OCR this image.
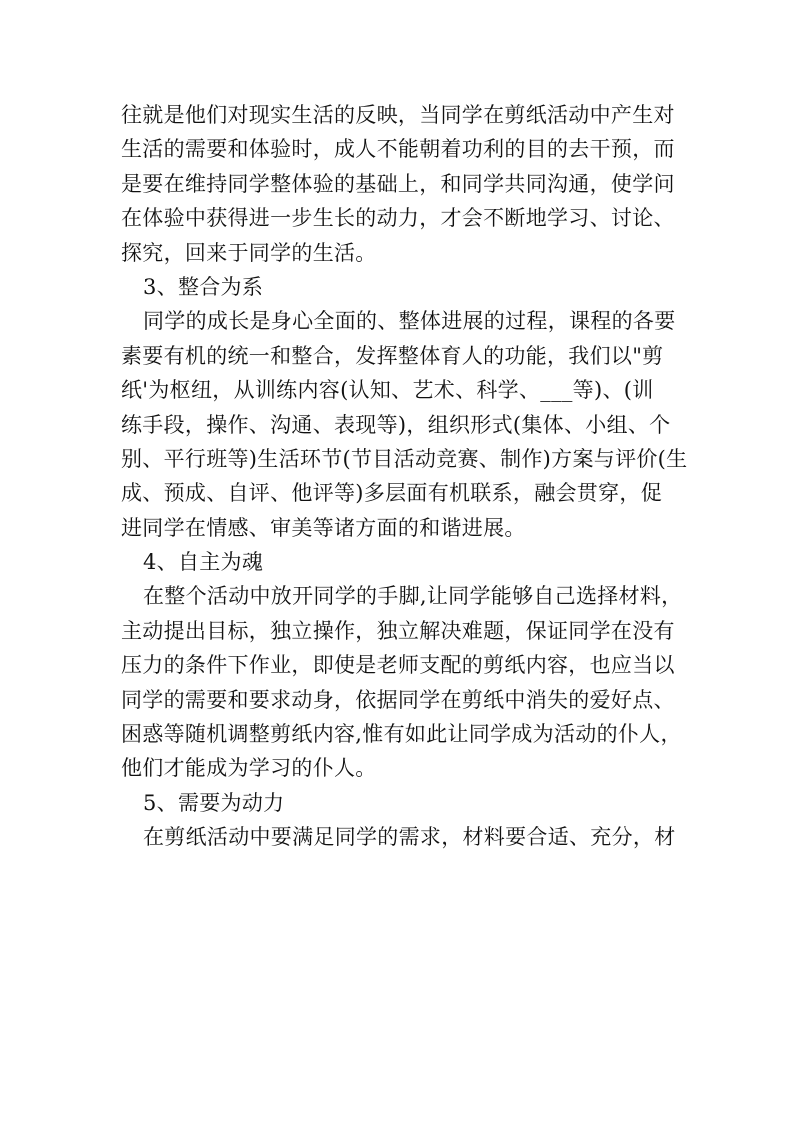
往就是他们对现实生活的反映，当同学在剪纸活动中产生对
生活的需要和体验时，成人不能朝着功利的目的去干预，而
是要在维持同学整体验的基础上，和同学共同沟通，使学问
在体验中获得进一步生长的动力，才会不断地学习、讨论、
探究，回来于同学的生活。
3、整合为系
同学的成长是身心全面的、整体进展的过程，课程的各要
素要有机的统一和整合，发挥整体育人的功能，我们以"剪
纸'为枢纽，从训练内容(认知、艺术、科学、___等)、(训
练手段，操作、沟通、表现等)，组织形式(集体、小组、个
别、平行班等)生活环节(节目活动竞赛、制作)方案与评价(生
成、预成、自评、他评等)多层面有机联系，融会贯穿，促
进同学在情感、审美等诸方面的和谐进展。
4、自主为魂
在整个活动中放开同学的手脚,让同学能够自己选择材料，
主动提出目标，独立操作，独立解决难题，保证同学在没有
压力的条件下作业，即使是老师支配的剪纸内容，也应当以
同学的需要和要求动身，依据同学在剪纸中消失的爱好点、
困惑等随机调整剪纸内容,惟有如此让同学成为活动的仆人，
他们才能成为学习的仆人。
5、需要为动力
在剪纸活动中要满足同学的需求，材料要合适、充分，材
